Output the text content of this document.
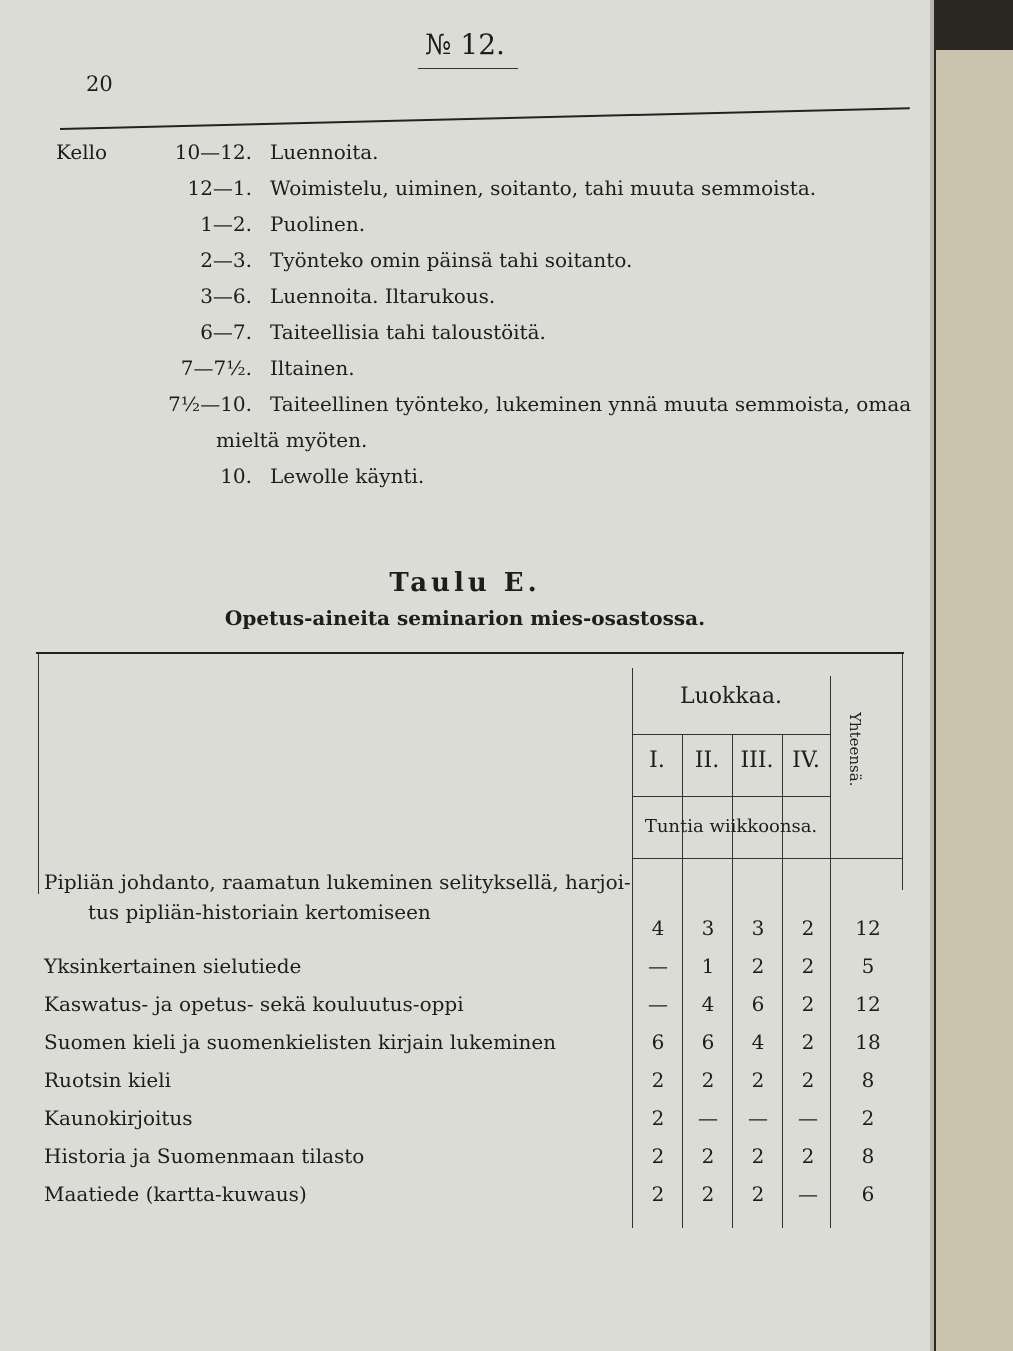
20
№ 12.
Kello	10—12. Luennoita.
12—1. Woimistelu, uiminen, soitanto, tahi muuta semmoista.
1—2. Puolinen.
2—3. Työnteko omin päinsä tahi soitanto.
3—6. Luennoita. Iltarukous.
6—7. Taiteellisia tahi taloustöitä.
7—7½. Iltainen.
7½—10. Taiteellinen työnteko, lukeminen ynnä muuta semmoista, omaa
mieltä myöten.
10. Lewolle käynti.
Taulu E.
Opetus-aineita seminarion mies-osastossa.
Luokkaa.
I.	II. III. IV.
Tuntia wiikkoonsa.
Yhteensä.
Pipliän johdanto, raamatun lukeminen selityksellä, harjoi-
tus pipliän-historiain kertomiseen
4	3	3	2	12
Yksinkertainen sielutiede	—	1	2	2	5
Kaswatus- ja opetus- sekä kouluutus-oppi	—	4	6	2	12
Suomen kieli ja suomenkielisten kirjain lukeminen	6	6	4	2	18
Ruotsin kieli	2	2	2	2	8
Kaunokirjoitus	2	—	—	—	2
Historia ja Suomenmaan tilasto	2	2	2	2	8
Maatiede (kartta-kuwaus)	2	2	2	—	6
